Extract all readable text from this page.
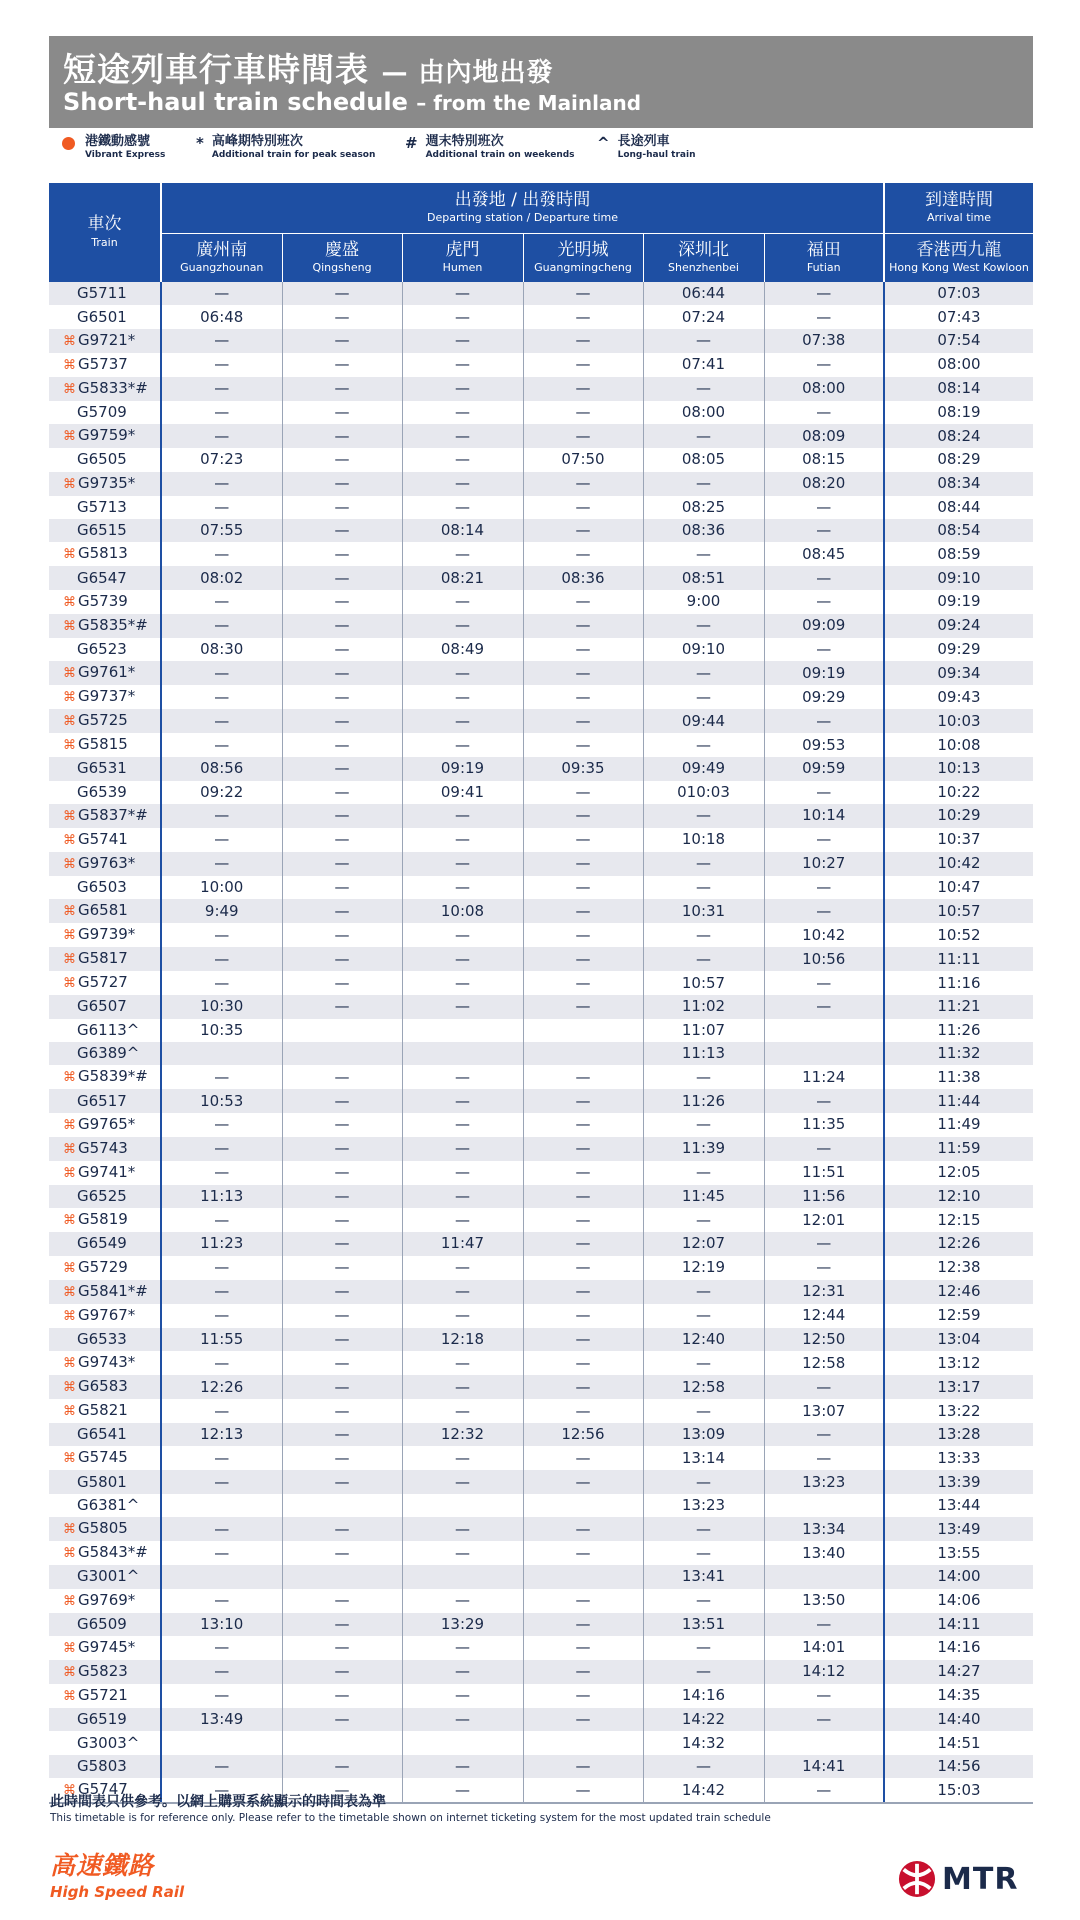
短途列車行車時間表 — 由內地出發
Short-haul train schedule – from the Mainland
港鐵動感號
Vibrant Express
* 高峰期特別班次
Additional train for peak season
# 週末特別班次
Additional train on weekends
^ 長途列車
Long-haul train
車次
Train	出發地 / 出發時間
Departing station / Departure time						到達時間
Arrival time

	廣州南
Guangzhounan	慶盛
Qingsheng	虎門
Humen	光明城
Guangmingcheng	深圳北
Shenzhenbei	福田
Futian	香港西九龍
Hong Kong West Kowloon

G5711	—	—	—	—	06:44	—	07:03
G6501	06:48	—	—	—	07:24	—	07:43
⌘ G9721*	—	—	—	—	—	07:38	07:54
⌘ G5737	—	—	—	—	07:41	—	08:00
⌘ G5833*#	—	—	—	—	—	08:00	08:14
G5709	—	—	—	—	08:00	—	08:19
⌘ G9759*	—	—	—	—	—	08:09	08:24
G6505	07:23	—	—	07:50	08:05	08:15	08:29
⌘ G9735*	—	—	—	—	—	08:20	08:34
G5713	—	—	—	—	08:25	—	08:44
G6515	07:55	—	08:14	—	08:36	—	08:54
⌘ G5813	—	—	—	—	—	08:45	08:59
G6547	08:02	—	08:21	08:36	08:51	—	09:10
⌘ G5739	—	—	—	—	9:00	—	09:19
⌘ G5835*#	—	—	—	—	—	09:09	09:24
G6523	08:30	—	08:49	—	09:10	—	09:29
⌘ G9761*	—	—	—	—	—	09:19	09:34
⌘ G9737*	—	—	—	—	—	09:29	09:43
⌘ G5725	—	—	—	—	09:44	—	10:03
⌘ G5815	—	—	—	—	—	09:53	10:08
G6531	08:56	—	09:19	09:35	09:49	09:59	10:13
G6539	09:22	—	09:41	—	010:03	—	10:22
⌘ G5837*#	—	—	—	—	—	10:14	10:29
⌘ G5741	—	—	—	—	10:18	—	10:37
⌘ G9763*	—	—	—	—	—	10:27	10:42
G6503	10:00	—	—	—	—	—	10:47
⌘ G6581	9:49	—	10:08	—	10:31	—	10:57
⌘ G9739*	—	—	—	—	—	10:42	10:52
⌘ G5817	—	—	—	—	—	10:56	11:11
⌘ G5727	—	—	—	—	10:57	—	11:16
G6507	10:30	—	—	—	11:02	—	11:21
G6113^	10:35				11:07		11:26
G6389^					11:13		11:32
⌘ G5839*#	—	—	—	—	—	11:24	11:38
G6517	10:53	—	—	—	11:26	—	11:44
⌘ G9765*	—	—	—	—	—	11:35	11:49
⌘ G5743	—	—	—	—	11:39	—	11:59
⌘ G9741*	—	—	—	—	—	11:51	12:05
G6525	11:13	—	—	—	11:45	11:56	12:10
⌘ G5819	—	—	—	—	—	12:01	12:15
G6549	11:23	—	11:47	—	12:07	—	12:26
⌘ G5729	—	—	—	—	12:19	—	12:38
⌘ G5841*#	—	—	—	—	—	12:31	12:46
⌘ G9767*	—	—	—	—	—	12:44	12:59
G6533	11:55	—	12:18	—	12:40	12:50	13:04
⌘ G9743*	—	—	—	—	—	12:58	13:12
⌘ G6583	12:26	—	—	—	12:58	—	13:17
⌘ G5821	—	—	—	—	—	13:07	13:22
G6541	12:13	—	12:32	12:56	13:09	—	13:28
⌘ G5745	—	—	—	—	13:14	—	13:33
G5801	—	—	—	—	—	13:23	13:39
G6381^					13:23		13:44
⌘ G5805	—	—	—	—	—	13:34	13:49
⌘ G5843*#	—	—	—	—	—	13:40	13:55
G3001^					13:41		14:00
⌘ G9769*	—	—	—	—	—	13:50	14:06
G6509	13:10	—	13:29	—	13:51	—	14:11
⌘ G9745*	—	—	—	—	—	14:01	14:16
⌘ G5823	—	—	—	—	—	14:12	14:27
⌘ G5721	—	—	—	—	14:16	—	14:35
G6519	13:49	—	—	—	14:22	—	14:40
G3003^					14:32		14:51
G5803	—	—	—	—	—	14:41	14:56
⌘ G5747	—	—	—	—	14:42	—	15:03
此時間表只供參考。以網上購票系統顯示的時間表為準
This timetable is for reference only. Please refer to the timetable shown on internet ticketing system for the most updated train schedule
高速鐵路
High Speed Rail	MTR
